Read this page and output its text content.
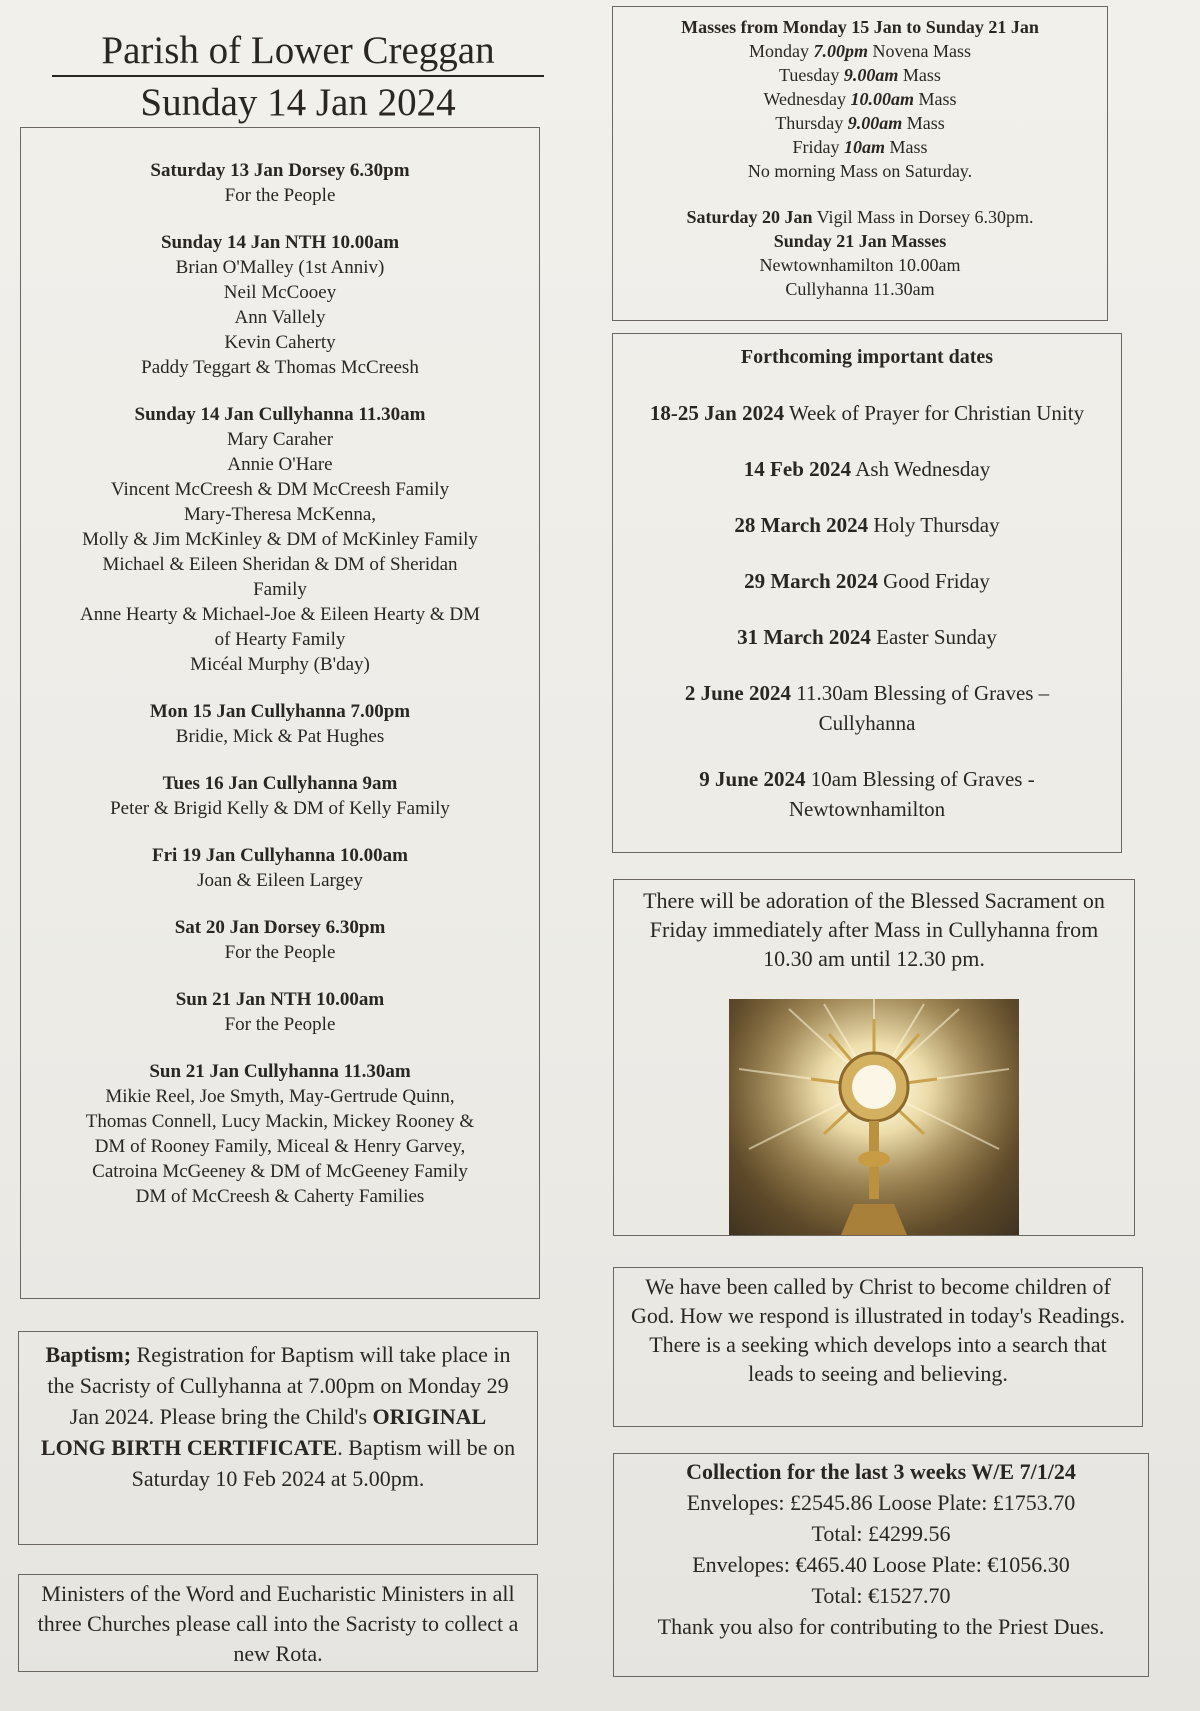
Parish of Lower Creggan
Sunday 14 Jan 2024
Saturday 13 Jan Dorsey 6.30pm
For the People
Sunday 14 Jan NTH 10.00am
Brian O'Malley (1st Anniv)
Neil McCooey
Ann Vallely
Kevin Caherty
Paddy Teggart & Thomas McCreesh
Sunday 14 Jan Cullyhanna 11.30am
Mary Caraher
Annie O'Hare
Vincent McCreesh & DM McCreesh Family
Mary-Theresa McKenna,
Molly & Jim McKinley & DM of McKinley Family
Michael & Eileen Sheridan & DM of Sheridan
Family
Anne Hearty & Michael-Joe & Eileen Hearty & DM
of Hearty Family
Micéal Murphy (B'day)
Mon 15 Jan Cullyhanna 7.00pm
Bridie, Mick & Pat Hughes
Tues 16 Jan Cullyhanna 9am
Peter & Brigid Kelly & DM of Kelly Family
Fri 19 Jan Cullyhanna 10.00am
Joan & Eileen Largey
Sat 20 Jan Dorsey 6.30pm
For the People
Sun 21 Jan NTH 10.00am
For the People
Sun 21 Jan Cullyhanna 11.30am
Mikie Reel, Joe Smyth, May-Gertrude Quinn,
Thomas Connell, Lucy Mackin, Mickey Rooney &
DM of Rooney Family, Miceal & Henry Garvey,
Catroina McGeeney & DM of McGeeney Family
DM of McCreesh & Caherty Families
Baptism; Registration for Baptism will take place in the Sacristy of Cullyhanna at 7.00pm on Monday 29 Jan 2024. Please bring the Child's ORIGINAL LONG BIRTH CERTIFICATE. Baptism will be on Saturday 10 Feb 2024 at 5.00pm.
Ministers of the Word and Eucharistic Ministers in all three Churches please call into the Sacristy to collect a new Rota.
Masses from Monday 15 Jan to Sunday 21 Jan
Monday 7.00pm Novena Mass
Tuesday 9.00am Mass
Wednesday 10.00am Mass
Thursday 9.00am Mass
Friday 10am Mass
No morning Mass on Saturday.
Saturday 20 Jan Vigil Mass in Dorsey 6.30pm.
Sunday 21 Jan Masses
Newtownhamilton 10.00am
Cullyhanna 11.30am
Forthcoming important dates
18-25 Jan 2024 Week of Prayer for Christian Unity
14 Feb 2024 Ash Wednesday
28 March 2024 Holy Thursday
29 March 2024 Good Friday
31 March 2024 Easter Sunday
2 June 2024 11.30am Blessing of Graves – Cullyhanna
9 June 2024 10am Blessing of Graves - Newtownhamilton
There will be adoration of the Blessed Sacrament on Friday immediately after Mass in Cullyhanna from 10.30 am until 12.30 pm.
We have been called by Christ to become children of God. How we respond is illustrated in today's Readings. There is a seeking which develops into a search that leads to seeing and believing.
Collection for the last 3 weeks W/E 7/1/24
Envelopes: £2545.86 Loose Plate: £1753.70
Total: £4299.56
Envelopes: €465.40 Loose Plate: €1056.30
Total: €1527.70
Thank you also for contributing to the Priest Dues.
